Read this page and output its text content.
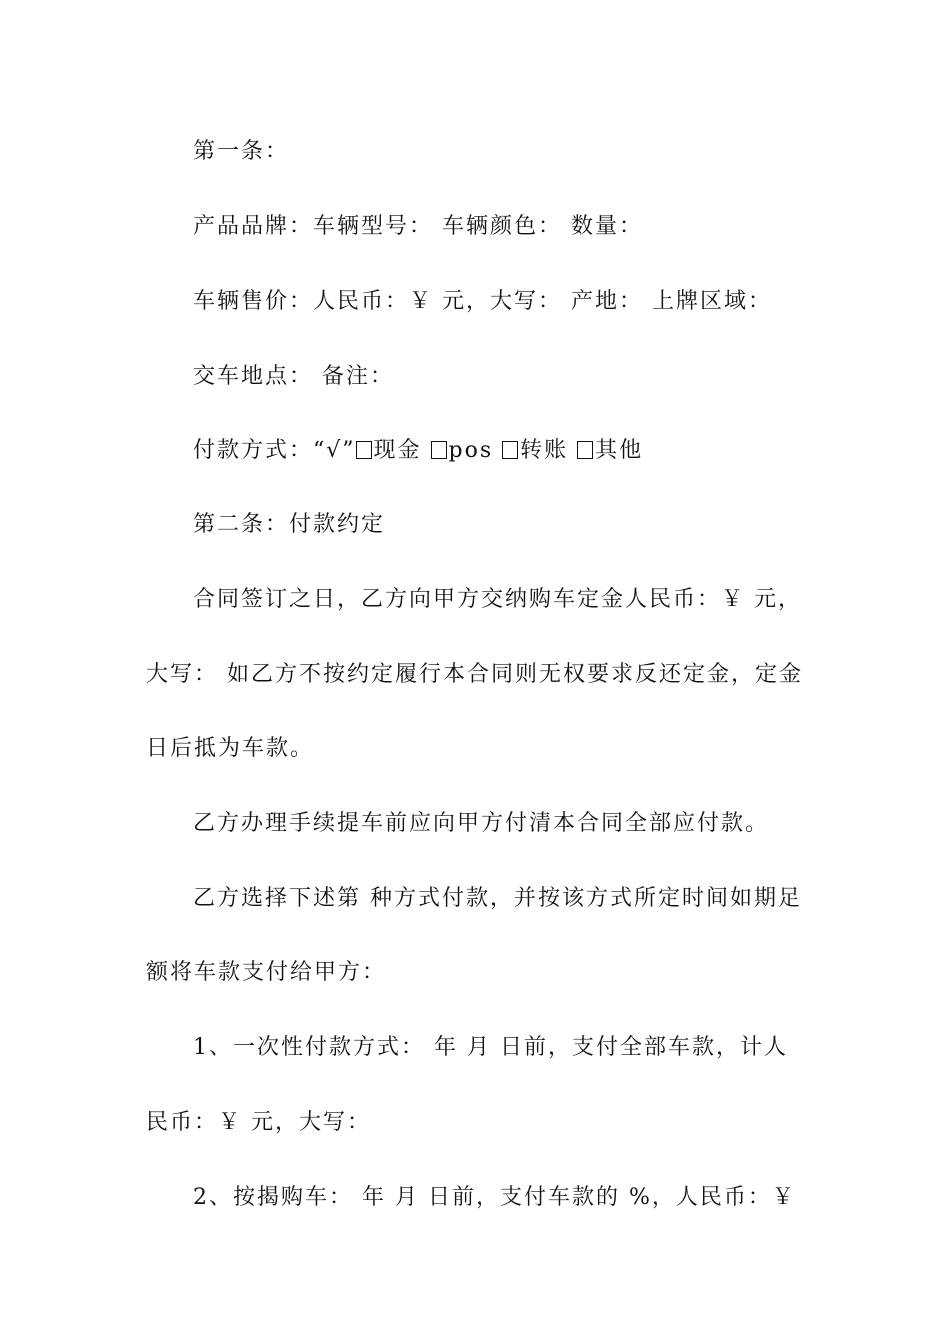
第一条：
产品品牌：车辆型号： 车辆颜色： 数量：
车辆售价：人民币：￥ 元，大写： 产地： 上牌区域：
交车地点： 备注：
付款方式：“√” 现金 pos 转账 其他
第二条：付款约定
合同签订之日，乙方向甲方交纳购车定金人民币：￥ 元，
大写： 如乙方不按约定履行本合同则无权要求反还定金，定金
日后抵为车款。
乙方办理手续提车前应向甲方付清本合同全部应付款。
乙方选择下述第 种方式付款，并按该方式所定时间如期足
额将车款支付给甲方：
1、一次性付款方式： 年 月 日前，支付全部车款，计人
民币：￥ 元，大写：
2、按揭购车： 年 月 日前，支付车款的 %，人民币：￥
